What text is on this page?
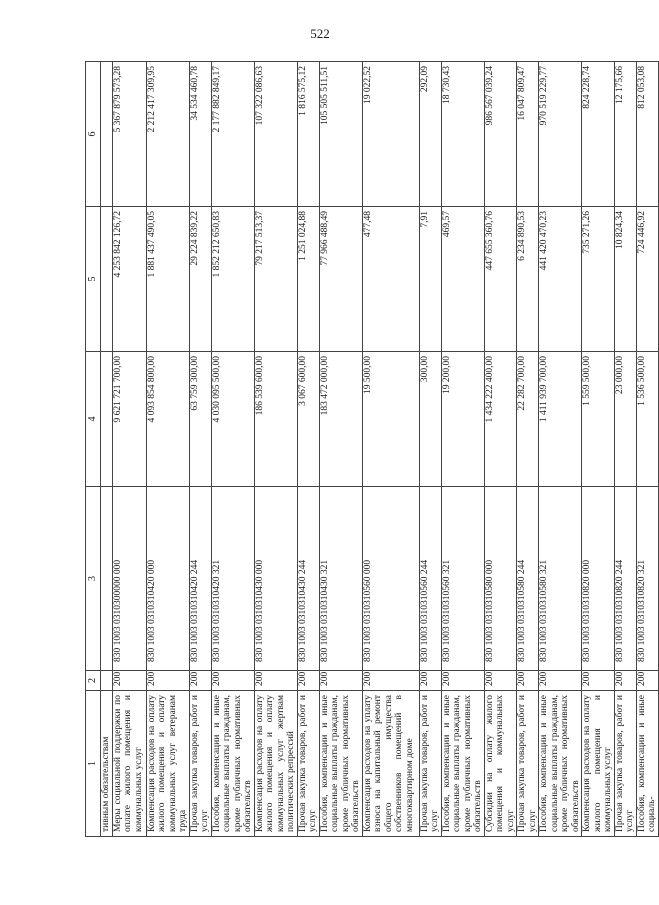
522
1	2	3	4	5	6
тивным обязательствам					
Меры социальной поддержки по оплате жилого помещения и коммунальных услуг	200	830 1003 0310300000 000	9 621 721 700,00	4 253 842 126,72	5 367 879 573,28
Компенсация расходов на оплату жилого помещения и оплату коммунальных услуг ветеранам труда	200	830 1003 0310310420 000	4 093 854 800,00	1 881 437 490,05	2 212 417 309,95
Прочая закупка товаров, работ и услуг	200	830 1003 0310310420 244	63 759 300,00	29 224 839,22	34 534 460,78
Пособия, компенсации и иные социальные выплаты гражданам, кроме публичных нормативных обязательств	200	830 1003 0310310420 321	4 030 095 500,00	1 852 212 650,83	2 177 882 849,17
Компенсация расходов на оплату жилого помещения и оплату коммунальных услуг жертвам политических репрессий	200	830 1003 0310310430 000	186 539 600,00	79 217 513,37	107 322 086,63
Прочая закупка товаров, работ и услуг	200	830 1003 0310310430 244	3 067 600,00	1 251 024,88	1 816 575,12
Пособия, компенсации и иные социальные выплаты гражданам, кроме публичных нормативных обязательств	200	830 1003 0310310430 321	183 472 000,00	77 966 488,49	105 505 511,51
Компенсация расходов на уплату взноса на капитальный ремонт общего имущества собственников помещений в многоквартирном доме	200	830 1003 0310310560 000	19 500,00	477,48	19 022,52
Прочая закупка товаров, работ и услуг	200	830 1003 0310310560 244	300,00	7,91	292,09
Пособия, компенсации и иные социальные выплаты гражданам, кроме публичных нормативных обязательств	200	830 1003 0310310560 321	19 200,00	469,57	18 730,43
Субсидии на оплату жилого помещения и коммунальных услуг	200	830 1003 0310310580 000	1 434 222 400,00	447 655 360,76	986 567 039,24
Прочая закупка товаров, работ и услуг	200	830 1003 0310310580 244	22 282 700,00	6 234 890,53	16 047 809,47
Пособия, компенсации и иные социальные выплаты гражданам, кроме публичных нормативных обязательств	200	830 1003 0310310580 321	1 411 939 700,00	441 420 470,23	970 519 229,77
Компенсация расходов на оплату жилого помещения и коммунальных услуг	200	830 1003 0310310820 000	1 559 500,00	735 271,26	824 228,74
Прочая закупка товаров, работ и услуг	200	830 1003 0310310820 244	23 000,00	10 824,34	12 175,66
Пособия, компенсации и иные социаль-	200	830 1003 0310310820 321	1 536 500,00	724 446,92	812 053,08
